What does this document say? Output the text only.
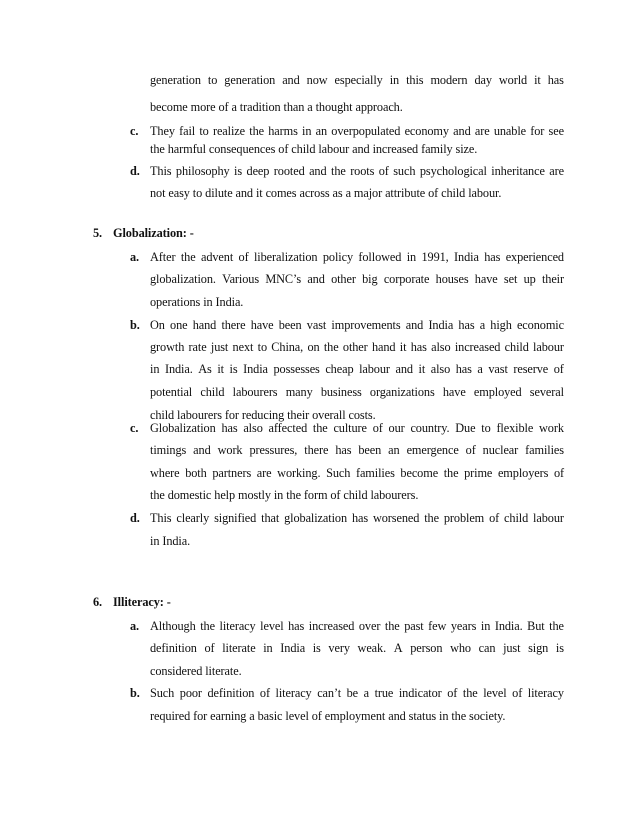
generation to generation and now especially in this modern day world it has
become more of a tradition than a thought approach.
c. They fail to realize the harms in an overpopulated economy and are unable for see
the harmful consequences of child labour and increased family size.
d. This philosophy is deep rooted and the roots of such psychological inheritance are
not easy to dilute and it comes across as a major attribute of child labour.
5. Globalization: -
a. After the advent of liberalization policy followed in 1991, India has experienced
globalization. Various MNC’s and other big corporate houses have set up their
operations in India.
b. On one hand there have been vast improvements and India has a high economic
growth rate just next to China, on the other hand it has also increased child labour
in India. As it is India possesses cheap labour and it also has a vast reserve of
potential child labourers many business organizations have employed several
child labourers for reducing their overall costs.
c. Globalization has also affected the culture of our country. Due to flexible work
timings and work pressures, there has been an emergence of nuclear families
where both partners are working. Such families become the prime employers of
the domestic help mostly in the form of child labourers.
d. This clearly signified that globalization has worsened the problem of child labour
in India.
6. Illiteracy: -
a. Although the literacy level has increased over the past few years in India. But the
definition of literate in India is very weak. A person who can just sign is
considered literate.
b. Such poor definition of literacy can’t be a true indicator of the level of literacy
required for earning a basic level of employment and status in the society.
